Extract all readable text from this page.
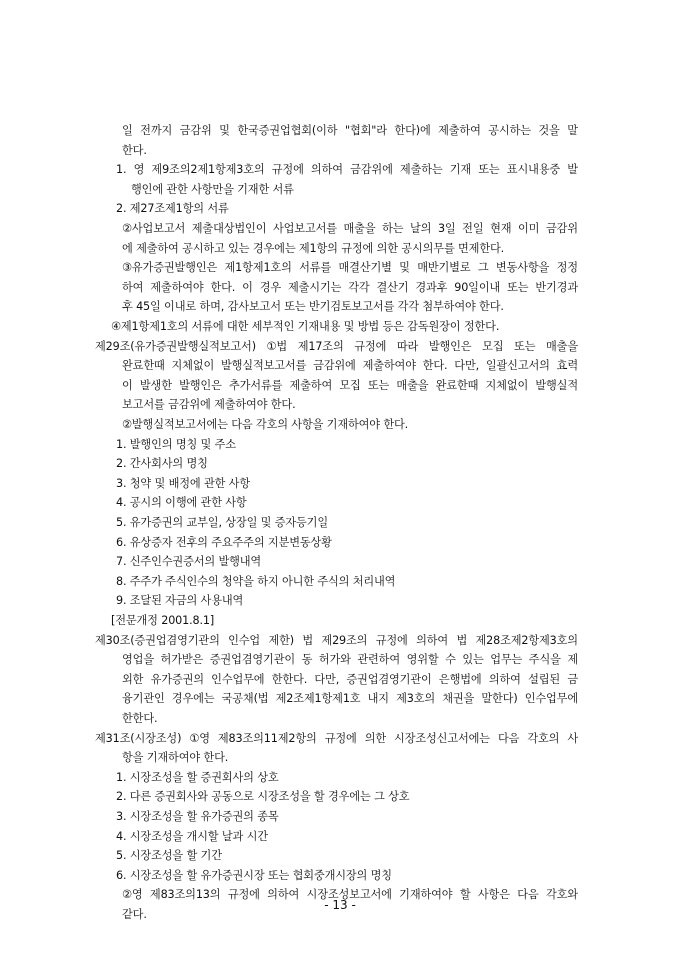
일 전까지 금감위 및 한국증권업협회(이하 "협회"라 한다)에 제출하여 공시하는 것을 말
한다.
1. 영 제9조의2제1항제3호의 규정에 의하여 금감위에 제출하는 기재 또는 표시내용중 발
행인에 관한 사항만을 기재한 서류
2. 제27조제1항의 서류
②사업보고서 제출대상법인이 사업보고서를 매출을 하는 날의 3일 전일 현재 이미 금감위
에 제출하여 공시하고 있는 경우에는 제1항의 규정에 의한 공시의무를 면제한다.
③유가증권발행인은 제1항제1호의 서류를 매결산기별 및 매반기별로 그 변동사항을 정정
하여 제출하여야 한다. 이 경우 제출시기는 각각 결산기 경과후 90일이내 또는 반기경과
후 45일 이내로 하며, 감사보고서 또는 반기검토보고서를 각각 첨부하여야 한다.
④제1항제1호의 서류에 대한 세부적인 기재내용 및 방법 등은 감독원장이 정한다.
제29조(유가증권발행실적보고서) ①법 제17조의 규정에 따라 발행인은 모집 또는 매출을
완료한때 지체없이 발행실적보고서를 금감위에 제출하여야 한다. 다만, 일괄신고서의 효력
이 발생한 발행인은 추가서류를 제출하여 모집 또는 매출을 완료한때 지체없이 발행실적
보고서를 금감위에 제출하여야 한다.
②발행실적보고서에는 다음 각호의 사항을 기재하여야 한다.
1. 발행인의 명칭 및 주소
2. 간사회사의 명칭
3. 청약 및 배정에 관한 사항
4. 공시의 이행에 관한 사항
5. 유가증권의 교부일, 상장일 및 증자등기일
6. 유상증자 전후의 주요주주의 지분변동상황
7. 신주인수권증서의 발행내역
8. 주주가 주식인수의 청약을 하지 아니한 주식의 처리내역
9. 조달된 자금의 사용내역
[전문개정 2001.8.1]
제30조(증권업겸영기관의 인수업 제한) 법 제29조의 규정에 의하여 법 제28조제2항제3호의
영업을 허가받은 증권업겸영기관이 동 허가와 관련하여 영위할 수 있는 업무는 주식을 제
외한 유가증권의 인수업무에 한한다. 다만, 증권업겸영기관이 은행법에 의하여 설립된 금
융기관인 경우에는 국공채(법 제2조제1항제1호 내지 제3호의 채권을 말한다) 인수업무에
한한다.
제31조(시장조성) ①영 제83조의11제2항의 규정에 의한 시장조성신고서에는 다음 각호의 사
항을 기재하여야 한다.
1. 시장조성을 할 증권회사의 상호
2. 다른 증권회사와 공동으로 시장조성을 할 경우에는 그 상호
3. 시장조성을 할 유가증권의 종목
4. 시장조성을 개시할 날과 시간
5. 시장조성을 할 기간
6. 시장조성을 할 유가증권시장 또는 협회중개시장의 명칭
②영 제83조의13의 규정에 의하여 시장조성보고서에 기재하여야 할 사항은 다음 각호와
같다.
- 13 -
